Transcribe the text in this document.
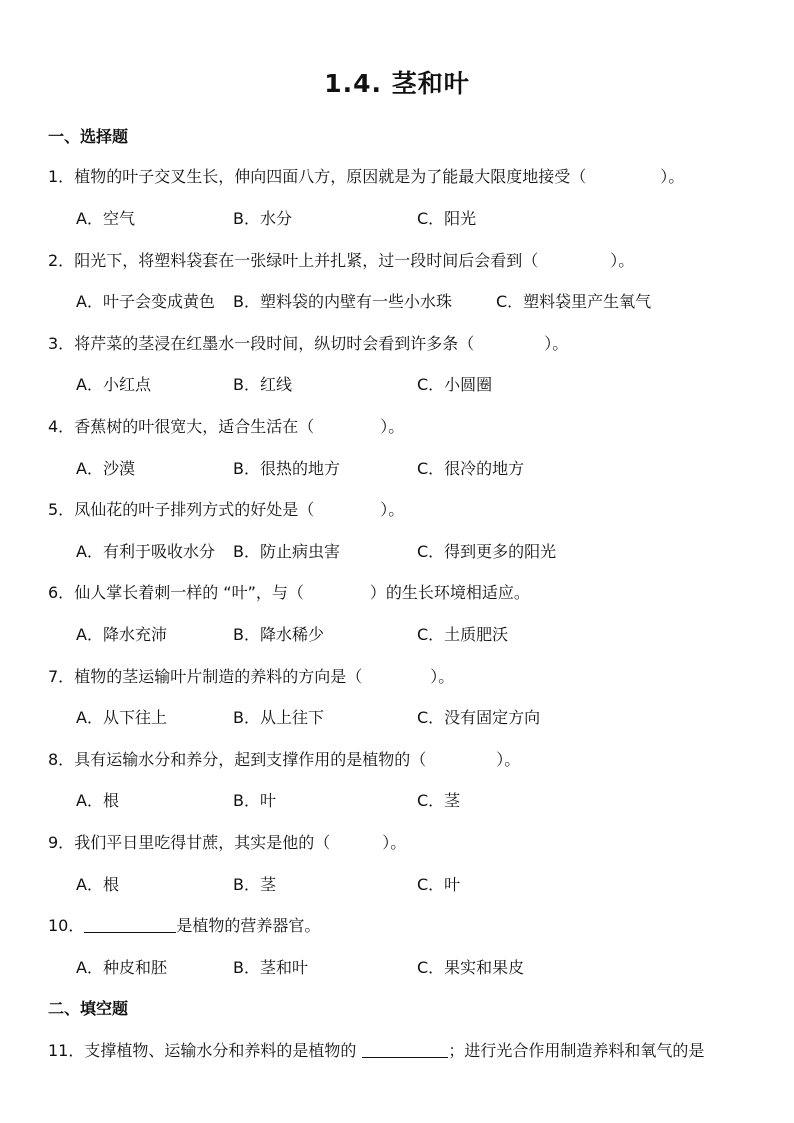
1.4. 茎和叶
一、选择题
1．植物的叶子交叉生长，伸向四面八方，原因就是为了能最大限度地接受（	）。
A．空气	B．水分	C．阳光
2．阳光下，将塑料袋套在一张绿叶上并扎紧，过一段时间后会看到（	）。
A．叶子会变成黄色 B．塑料袋的内壁有一些小水珠	C．塑料袋里产生氧气
3．将芹菜的茎浸在红墨水一段时间，纵切时会看到许多条（	）。
A．小红点	B．红线	C．小圆圈
4．香蕉树的叶很宽大，适合生活在（	）。
A．沙漠	B．很热的地方	C．很冷的地方
5．凤仙花的叶子排列方式的好处是（	）。
A．有利于吸收水分 B．防止病虫害	C．得到更多的阳光
6．仙人掌长着刺一样的 “叶”，与（	）的生长环境相适应。
A．降水充沛	B．降水稀少	C．土质肥沃
7．植物的茎运输叶片制造的养料的方向是（	）。
A．从下往上	B．从上往下	C．没有固定方向
8．具有运输水分和养分，起到支撑作用的是植物的（	）。
A．根	B．叶	C．茎
9．我们平日里吃得甘蔗，其实是他的（	）。
A．根	B．茎	C．叶
10．	是植物的营养器官。
A．种皮和胚	B．茎和叶	C．果实和果皮
二、填空题
11．支撑植物、运输水分和养料的是植物的	；进行光合作用制造养料和氧气的是
